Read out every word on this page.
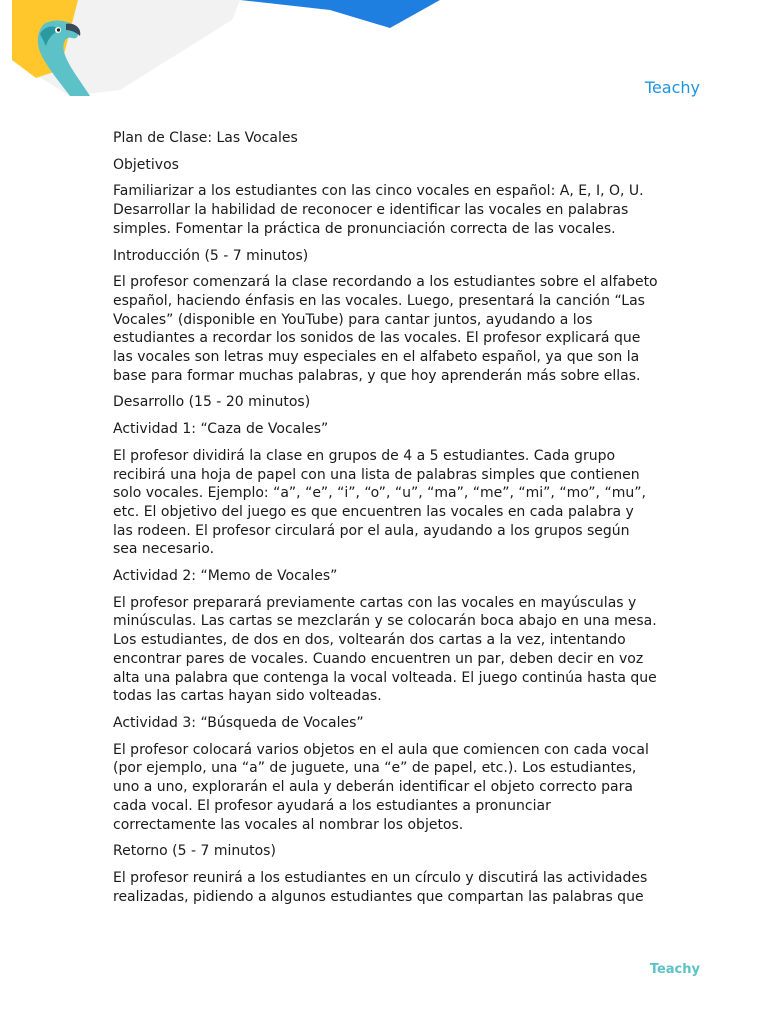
Teachy

Plan de Clase: Las Vocales

Objetivos

Familiarizar a los estudiantes con las cinco vocales en español: A, E, I, O, U. Desarrollar la habilidad de reconocer e identificar las vocales en palabras simples. Fomentar la práctica de pronunciación correcta de las vocales.

Introducción (5 - 7 minutos)

El profesor comenzará la clase recordando a los estudiantes sobre el alfabeto español, haciendo énfasis en las vocales. Luego, presentará la canción “Las Vocales” (disponible en YouTube) para cantar juntos, ayudando a los estudiantes a recordar los sonidos de las vocales. El profesor explicará que las vocales son letras muy especiales en el alfabeto español, ya que son la base para formar muchas palabras, y que hoy aprenderán más sobre ellas.

Desarrollo (15 - 20 minutos)

Actividad 1: “Caza de Vocales”

El profesor dividirá la clase en grupos de 4 a 5 estudiantes. Cada grupo recibirá una hoja de papel con una lista de palabras simples que contienen solo vocales. Ejemplo: “a”, “e”, “i”, “o”, “u”, “ma”, “me”, “mi”, “mo”, “mu”, etc. El objetivo del juego es que encuentren las vocales en cada palabra y las rodeen. El profesor circulará por el aula, ayudando a los grupos según sea necesario.

Actividad 2: “Memo de Vocales”

El profesor preparará previamente cartas con las vocales en mayúsculas y minúsculas. Las cartas se mezclarán y se colocarán boca abajo en una mesa. Los estudiantes, de dos en dos, voltearán dos cartas a la vez, intentando encontrar pares de vocales. Cuando encuentren un par, deben decir en voz alta una palabra que contenga la vocal volteada. El juego continúa hasta que todas las cartas hayan sido volteadas.

Actividad 3: “Búsqueda de Vocales”

El profesor colocará varios objetos en el aula que comiencen con cada vocal (por ejemplo, una “a” de juguete, una “e” de papel, etc.). Los estudiantes, uno a uno, explorarán el aula y deberán identificar el objeto correcto para cada vocal. El profesor ayudará a los estudiantes a pronunciar correctamente las vocales al nombrar los objetos.

Retorno (5 - 7 minutos)

El profesor reunirá a los estudiantes en un círculo y discutirá las actividades realizadas, pidiendo a algunos estudiantes que compartan las palabras que

Teachy
